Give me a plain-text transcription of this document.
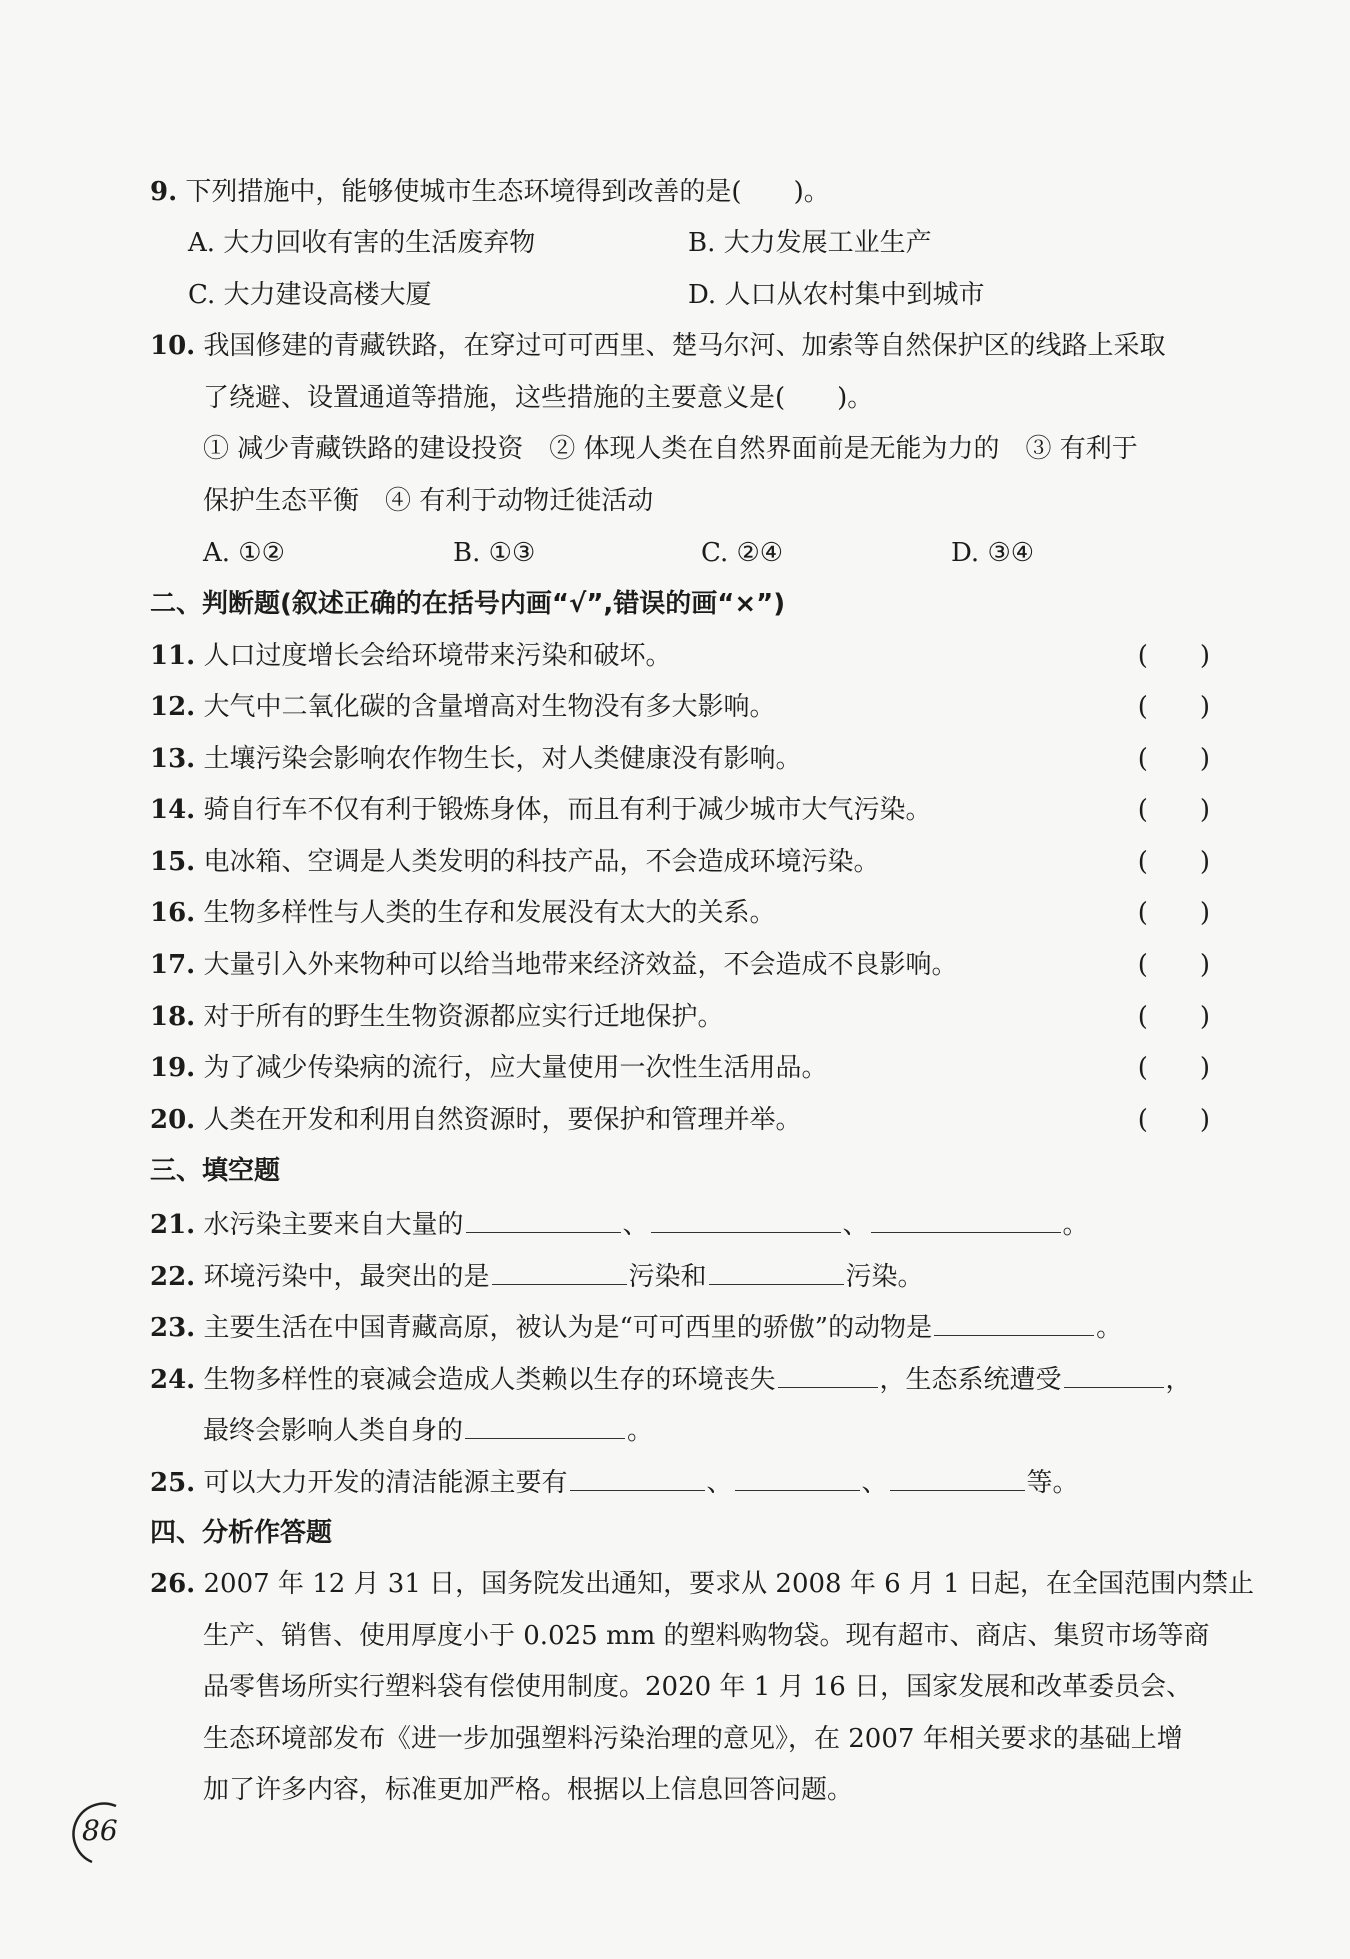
9. 下列措施中，能够使城市生态环境得到改善的是(　　)。
A. 大力回收有害的生活废弃物	B. 大力发展工业生产
C. 大力建设高楼大厦	D. 人口从农村集中到城市
10. 我国修建的青藏铁路，在穿过可可西里、楚马尔河、加索等自然保护区的线路上采取
了绕避、设置通道等措施，这些措施的主要意义是(　　)。
① 减少青藏铁路的建设投资　② 体现人类在自然界面前是无能为力的　③ 有利于
保护生态平衡　④ 有利于动物迁徙活动
A. ①②	B. ①③	C. ②④	D. ③④
二、判断题(叙述正确的在括号内画“√”,错误的画“×”)
11. 人口过度增长会给环境带来污染和破坏。	(　　)
12. 大气中二氧化碳的含量增高对生物没有多大影响。	(　　)
13. 土壤污染会影响农作物生长，对人类健康没有影响。	(　　)
14. 骑自行车不仅有利于锻炼身体，而且有利于减少城市大气污染。	(　　)
15. 电冰箱、空调是人类发明的科技产品，不会造成环境污染。	(　　)
16. 生物多样性与人类的生存和发展没有太大的关系。	(　　)
17. 大量引入外来物种可以给当地带来经济效益，不会造成不良影响。	(　　)
18. 对于所有的野生生物资源都应实行迁地保护。	(　　)
19. 为了减少传染病的流行，应大量使用一次性生活用品。	(　　)
20. 人类在开发和利用自然资源时，要保护和管理并举。	(　　)
三、填空题
21. 水污染主要来自大量的	、	、	。
22. 环境污染中，最突出的是	污染和	污染。
23. 主要生活在中国青藏高原，被认为是“可可西里的骄傲”的动物是	。
24. 生物多样性的衰减会造成人类赖以生存的环境丧失	，生态系统遭受	，
最终会影响人类自身的	。
25. 可以大力开发的清洁能源主要有	、	、	等。
四、分析作答题
26. 2007 年 12 月 31 日，国务院发出通知，要求从 2008 年 6 月 1 日起，在全国范围内禁止
生产、销售、使用厚度小于 0.025 mm 的塑料购物袋。现有超市、商店、集贸市场等商
品零售场所实行塑料袋有偿使用制度。2020 年 1 月 16 日，国家发展和改革委员会、
生态环境部发布《进一步加强塑料污染治理的意见》，在 2007 年相关要求的基础上增
加了许多内容，标准更加严格。根据以上信息回答问题。
86
